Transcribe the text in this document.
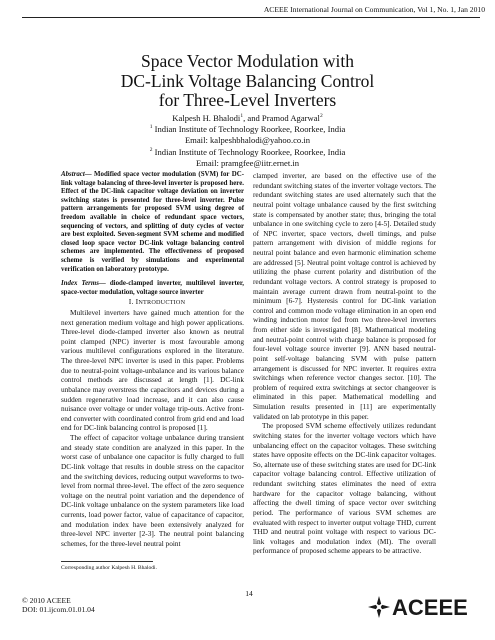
ACEEE International Journal on Communication, Vol 1, No. 1, Jan 2010
Space Vector Modulation with
DC-Link Voltage Balancing Control
for Three-Level Inverters
Kalpesh H. Bhalodi$^1$, and Pramod Agarwal$^2$
$^1$ Indian Institute of Technology Roorkee, Roorkee, India
Email: kalpeshbhalodi@yahoo.co.in
$^2$ Indian Institute of Technology Roorkee, Roorkee, India
Email: pramgfee@iitr.ernet.in

Abstract— Modified space vector modulation (SVM) for DC-link voltage balancing of three-level inverter is proposed here. Effect of the DC-link capacitor voltage deviation on inverter switching states is presented for three-level inverter. Pulse pattern arrangements for proposed SVM using degree of freedom available in choice of redundant space vectors, sequencing of vectors, and splitting of duty cycles of vector are best exploited. Seven-segment SVM scheme and modified closed loop space vector DC-link voltage balancing control schemes are implemented. The effectiveness of proposed scheme is verified by simulations and experimental verification on laboratory prototype.

Index Terms— diode-clamped inverter, multilevel inverter, space-vector modulation, voltage source inverter

I. INTRODUCTION

Multilevel inverters have gained much attention for the next generation medium voltage and high power applications. Three-level diode-clamped inverter also known as neutral point clamped (NPC) inverter is most favourable among various multilevel configurations explored in the literature. The three-level NPC inverter is used in this paper. Problems due to neutral-point voltage-unbalance and its various balance control methods are discussed at length [1]. DC-link unbalance may overstress the capacitors and devices during a sudden regenerative load increase, and it can also cause nuisance over voltage or under voltage trip-outs. Active front-end converter with coordinated control from grid end and load end for DC-link balancing control is proposed [1].

The effect of capacitor voltage unbalance during transient and steady state condition are analyzed in this paper. In the worst case of unbalance one capacitor is fully charged to full DC-link voltage that results in double stress on the capacitor and the switching devices, reducing output waveforms to two-level from normal three-level. The effect of the zero sequence voltage on the neutral point variation and the dependence of DC-link voltage unbalance on the system parameters like load currents, load power factor, value of capacitance of capacitor, and modulation index have been extensively analyzed for three-level NPC inverter [2-3]. The neutral point balancing schemes, for the three-level neutral point

clamped inverter, are based on the effective use of the redundant switching states of the inverter voltage vectors. The redundant switching states are used alternately such that the neutral point voltage unbalance caused by the first switching state is compensated by another state; thus, bringing the total unbalance in one switching cycle to zero [4-5]. Detailed study of NPC inverter, space vectors, dwell timings, and pulse pattern arrangement with division of middle regions for neutral point balance and even harmonic elimination scheme are addressed [5]. Neutral point voltage control is achieved by utilizing the phase current polarity and distribution of the redundant voltage vectors. A control strategy is proposed to maintain average current drawn from neutral-point to the minimum [6-7]. Hysteresis control for DC-link variation control and common mode voltage elimination in an open end winding induction motor fed from two three-level inverters from either side is investigated [8]. Mathematical modeling and neutral-point control with charge balance is proposed for four-level voltage source inverter [9]. ANN based neutral-point self-voltage balancing SVM with pulse pattern arrangement is discussed for NPC inverter. It requires extra switchings when reference vector changes sector. [10]. The problem of required extra switchings at sector changeover is eliminated in this paper. Mathematical modelling and Simulation results presented in [11] are experimentally validated on lab prototype in this paper.

The proposed SVM scheme effectively utilizes redundant switching states for the inverter voltage vectors which have unbalancing effect on the capacitor voltages. These switching states have opposite effects on the DC-link capacitor voltages. So, alternate use of these switching states are used for DC-link capacitor voltage balancing control. Effective utilization of redundant switching states eliminates the need of extra hardware for the capacitor voltage balancing, without affecting the dwell timing of space vector over switching period. The performance of various SVM schemes are evaluated with respect to inverter output voltage THD, current THD and neutral point voltage with respect to various DC-link voltages and modulation index (MI). The overall performance of proposed scheme appears to be attractive.

Corresponding author Kalpesh H. Bhalodi.
14
© 2010 ACEEE
DOI: 01.ijcom.01.01.04	ACEEE
